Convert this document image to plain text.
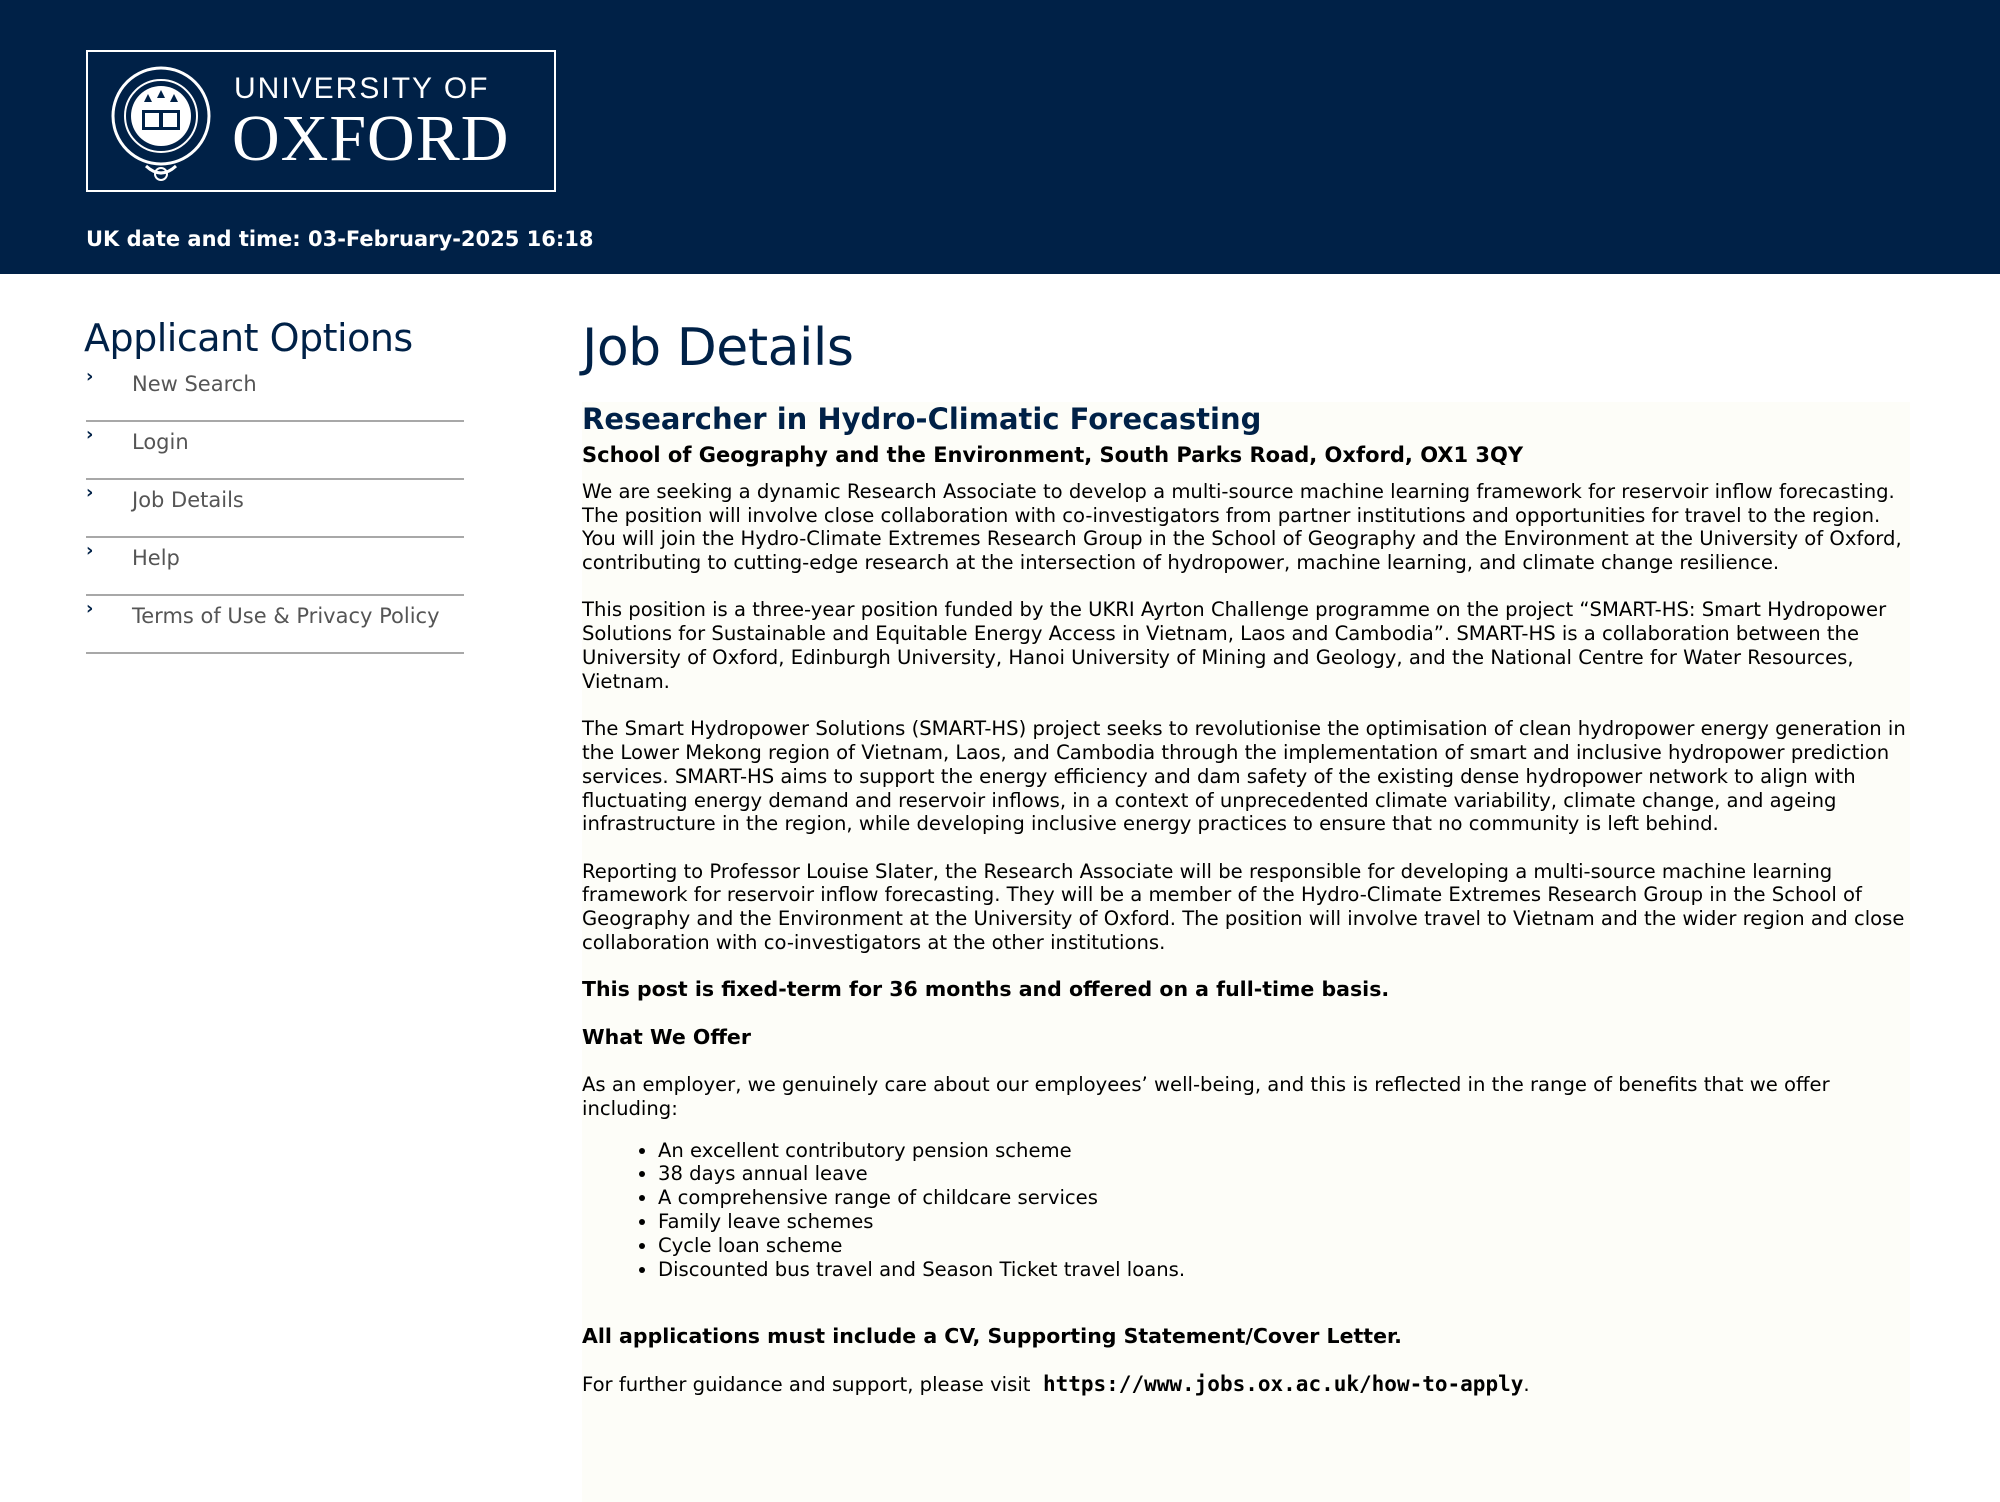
UNIVERSITY OF
OXFORD
UK date and time: 03-February-2025 16:18
Applicant Options
› New Search
› Login
› Job Details
› Help
› Terms of Use & Privacy Policy
Job Details
Researcher in Hydro-Climatic Forecasting
School of Geography and the Environment, South Parks Road, Oxford, OX1 3QY

We are seeking a dynamic Research Associate to develop a multi-source machine learning framework for reservoir inflow forecasting. The position will involve close collaboration with co-investigators from partner institutions and opportunities for travel to the region. You will join the Hydro-Climate Extremes Research Group in the School of Geography and the Environment at the University of Oxford, contributing to cutting-edge research at the intersection of hydropower, machine learning, and climate change resilience.

This position is a three-year position funded by the UKRI Ayrton Challenge programme on the project “SMART-HS: Smart Hydropower Solutions for Sustainable and Equitable Energy Access in Vietnam, Laos and Cambodia”. SMART-HS is a collaboration between the University of Oxford, Edinburgh University, Hanoi University of Mining and Geology, and the National Centre for Water Resources, Vietnam.

The Smart Hydropower Solutions (SMART-HS) project seeks to revolutionise the optimisation of clean hydropower energy generation in the Lower Mekong region of Vietnam, Laos, and Cambodia through the implementation of smart and inclusive hydropower prediction services. SMART-HS aims to support the energy efficiency and dam safety of the existing dense hydropower network to align with fluctuating energy demand and reservoir inflows, in a context of unprecedented climate variability, climate change, and ageing infrastructure in the region, while developing inclusive energy practices to ensure that no community is left behind.

Reporting to Professor Louise Slater, the Research Associate will be responsible for developing a multi-source machine learning framework for reservoir inflow forecasting. They will be a member of the Hydro-Climate Extremes Research Group in the School of Geography and the Environment at the University of Oxford. The position will involve travel to Vietnam and the wider region and close collaboration with co-investigators at the other institutions.

This post is fixed-term for 36 months and offered on a full-time basis.

What We Offer

As an employer, we genuinely care about our employees’ well-being, and this is reflected in the range of benefits that we offer including:

• An excellent contributory pension scheme
• 38 days annual leave
• A comprehensive range of childcare services
• Family leave schemes
• Cycle loan scheme
• Discounted bus travel and Season Ticket travel loans.

All applications must include a CV, Supporting Statement/Cover Letter.

For further guidance and support, please visit https://www.jobs.ox.ac.uk/how-to-apply.
